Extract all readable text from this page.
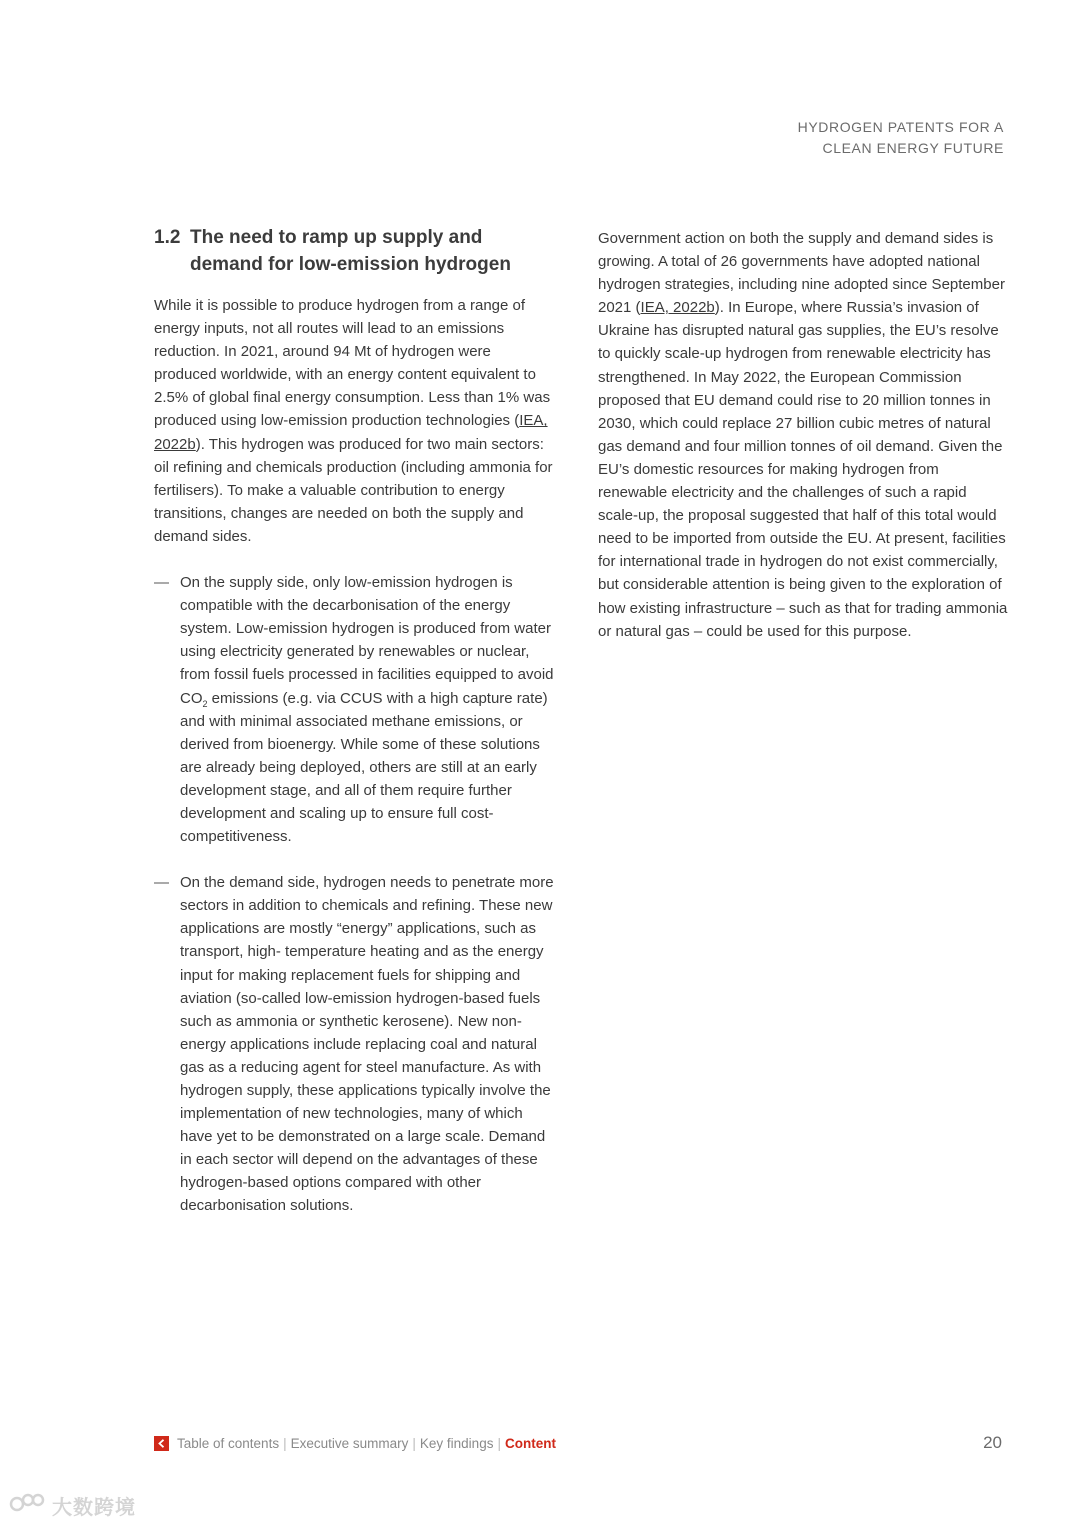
HYDROGEN PATENTS FOR A
CLEAN ENERGY FUTURE
1.2 The need to ramp up supply and demand for low-emission hydrogen

While it is possible to produce hydrogen from a range of energy inputs, not all routes will lead to an emissions reduction. In 2021, around 94 Mt of hydrogen were produced worldwide, with an energy content equivalent to 2.5% of global final energy consumption. Less than 1% was produced using low-emission production technologies (IEA, 2022b). This hydrogen was produced for two main sectors: oil refining and chemicals production (including ammonia for fertilisers). To make a valuable contribution to energy transitions, changes are needed on both the supply and demand sides.

— On the supply side, only low-emission hydrogen is compatible with the decarbonisation of the energy system. Low-emission hydrogen is produced from water using electricity generated by renewables or nuclear, from fossil fuels processed in facilities equipped to avoid $CO_2$ emissions (e.g. via CCUS with a high capture rate) and with minimal associated methane emissions, or derived from bioenergy. While some of these solutions are already being deployed, others are still at an early development stage, and all of them require further development and scaling up to ensure full cost-competitiveness.
— On the demand side, hydrogen needs to penetrate more sectors in addition to chemicals and refining. These new applications are mostly “energy” applications, such as transport, high- temperature heating and as the energy input for making replacement fuels for shipping and aviation (so-called low-emission hydrogen-based fuels such as ammonia or synthetic kerosene). New non-energy applications include replacing coal and natural gas as a reducing agent for steel manufacture. As with hydrogen supply, these applications typically involve the implementation of new technologies, many of which have yet to be demonstrated on a large scale. Demand in each sector will depend on the advantages of these hydrogen-based options compared with other decarbonisation solutions.

Government action on both the supply and demand sides is growing. A total of 26 governments have adopted national hydrogen strategies, including nine adopted since September 2021 (IEA, 2022b). In Europe, where Russia’s invasion of Ukraine has disrupted natural gas supplies, the EU’s resolve to quickly scale-up hydrogen from renewable electricity has strengthened. In May 2022, the European Commission proposed that EU demand could rise to 20 million tonnes in 2030, which could replace 27 billion cubic metres of natural gas demand and four million tonnes of oil demand. Given the EU’s domestic resources for making hydrogen from renewable electricity and the challenges of such a rapid scale-up, the proposal suggested that half of this total would need to be imported from outside the EU. At present, facilities for international trade in hydrogen do not exist commercially, but considerable attention is being given to the exploration of how existing infrastructure – such as that for trading ammonia or natural gas – could be used for this purpose.

Table of contents | Executive summary | Key findings | Content	20
大数跨境
